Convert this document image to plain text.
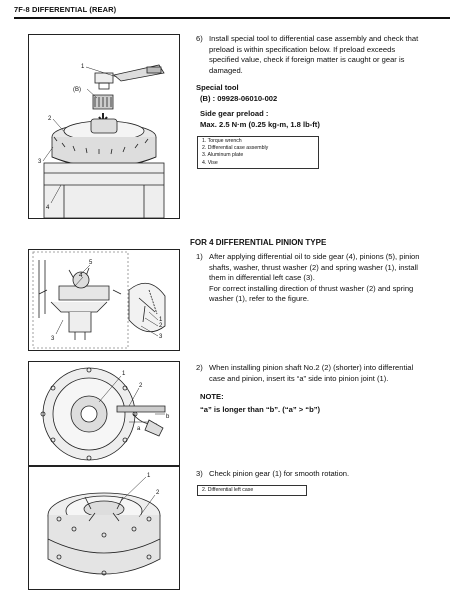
7F-8 DIFFERENTIAL (REAR)
1
(B)
2
3
4
6) Install special tool to differential case assembly and check that preload is within specification below. If preload exceeds specified value, check if foreign matter is caught or gear is damaged.
Special tool
(B) : 09928-06010-002
Side gear preload :
Max. 2.5 N·m (0.25 kg-m, 1.8 lb-ft)
1. Torque wrench
2. Differential case assembly
3. Aluminum plate
4. Vise
FOR 4 DIFFERENTIAL PINION TYPE
5
4
1
2
3	3
1) After applying differential oil to side gear (4), pinions (5), pinion shafts, washer, thrust washer (2) and spring washer (1), install them in differential left case (3).
For correct installing direction of thrust washer (2) and spring washer (1), refer to the figure.
1
2
a
b
2) When installing pinion shaft No.2 (2) (shorter) into differential case and pinion, insert its “a” side into pinion joint (1).
NOTE:
“a” is longer than “b”. (“a” > “b”)
1
2
3) Check pinion gear (1) for smooth rotation.
2. Differential left case
